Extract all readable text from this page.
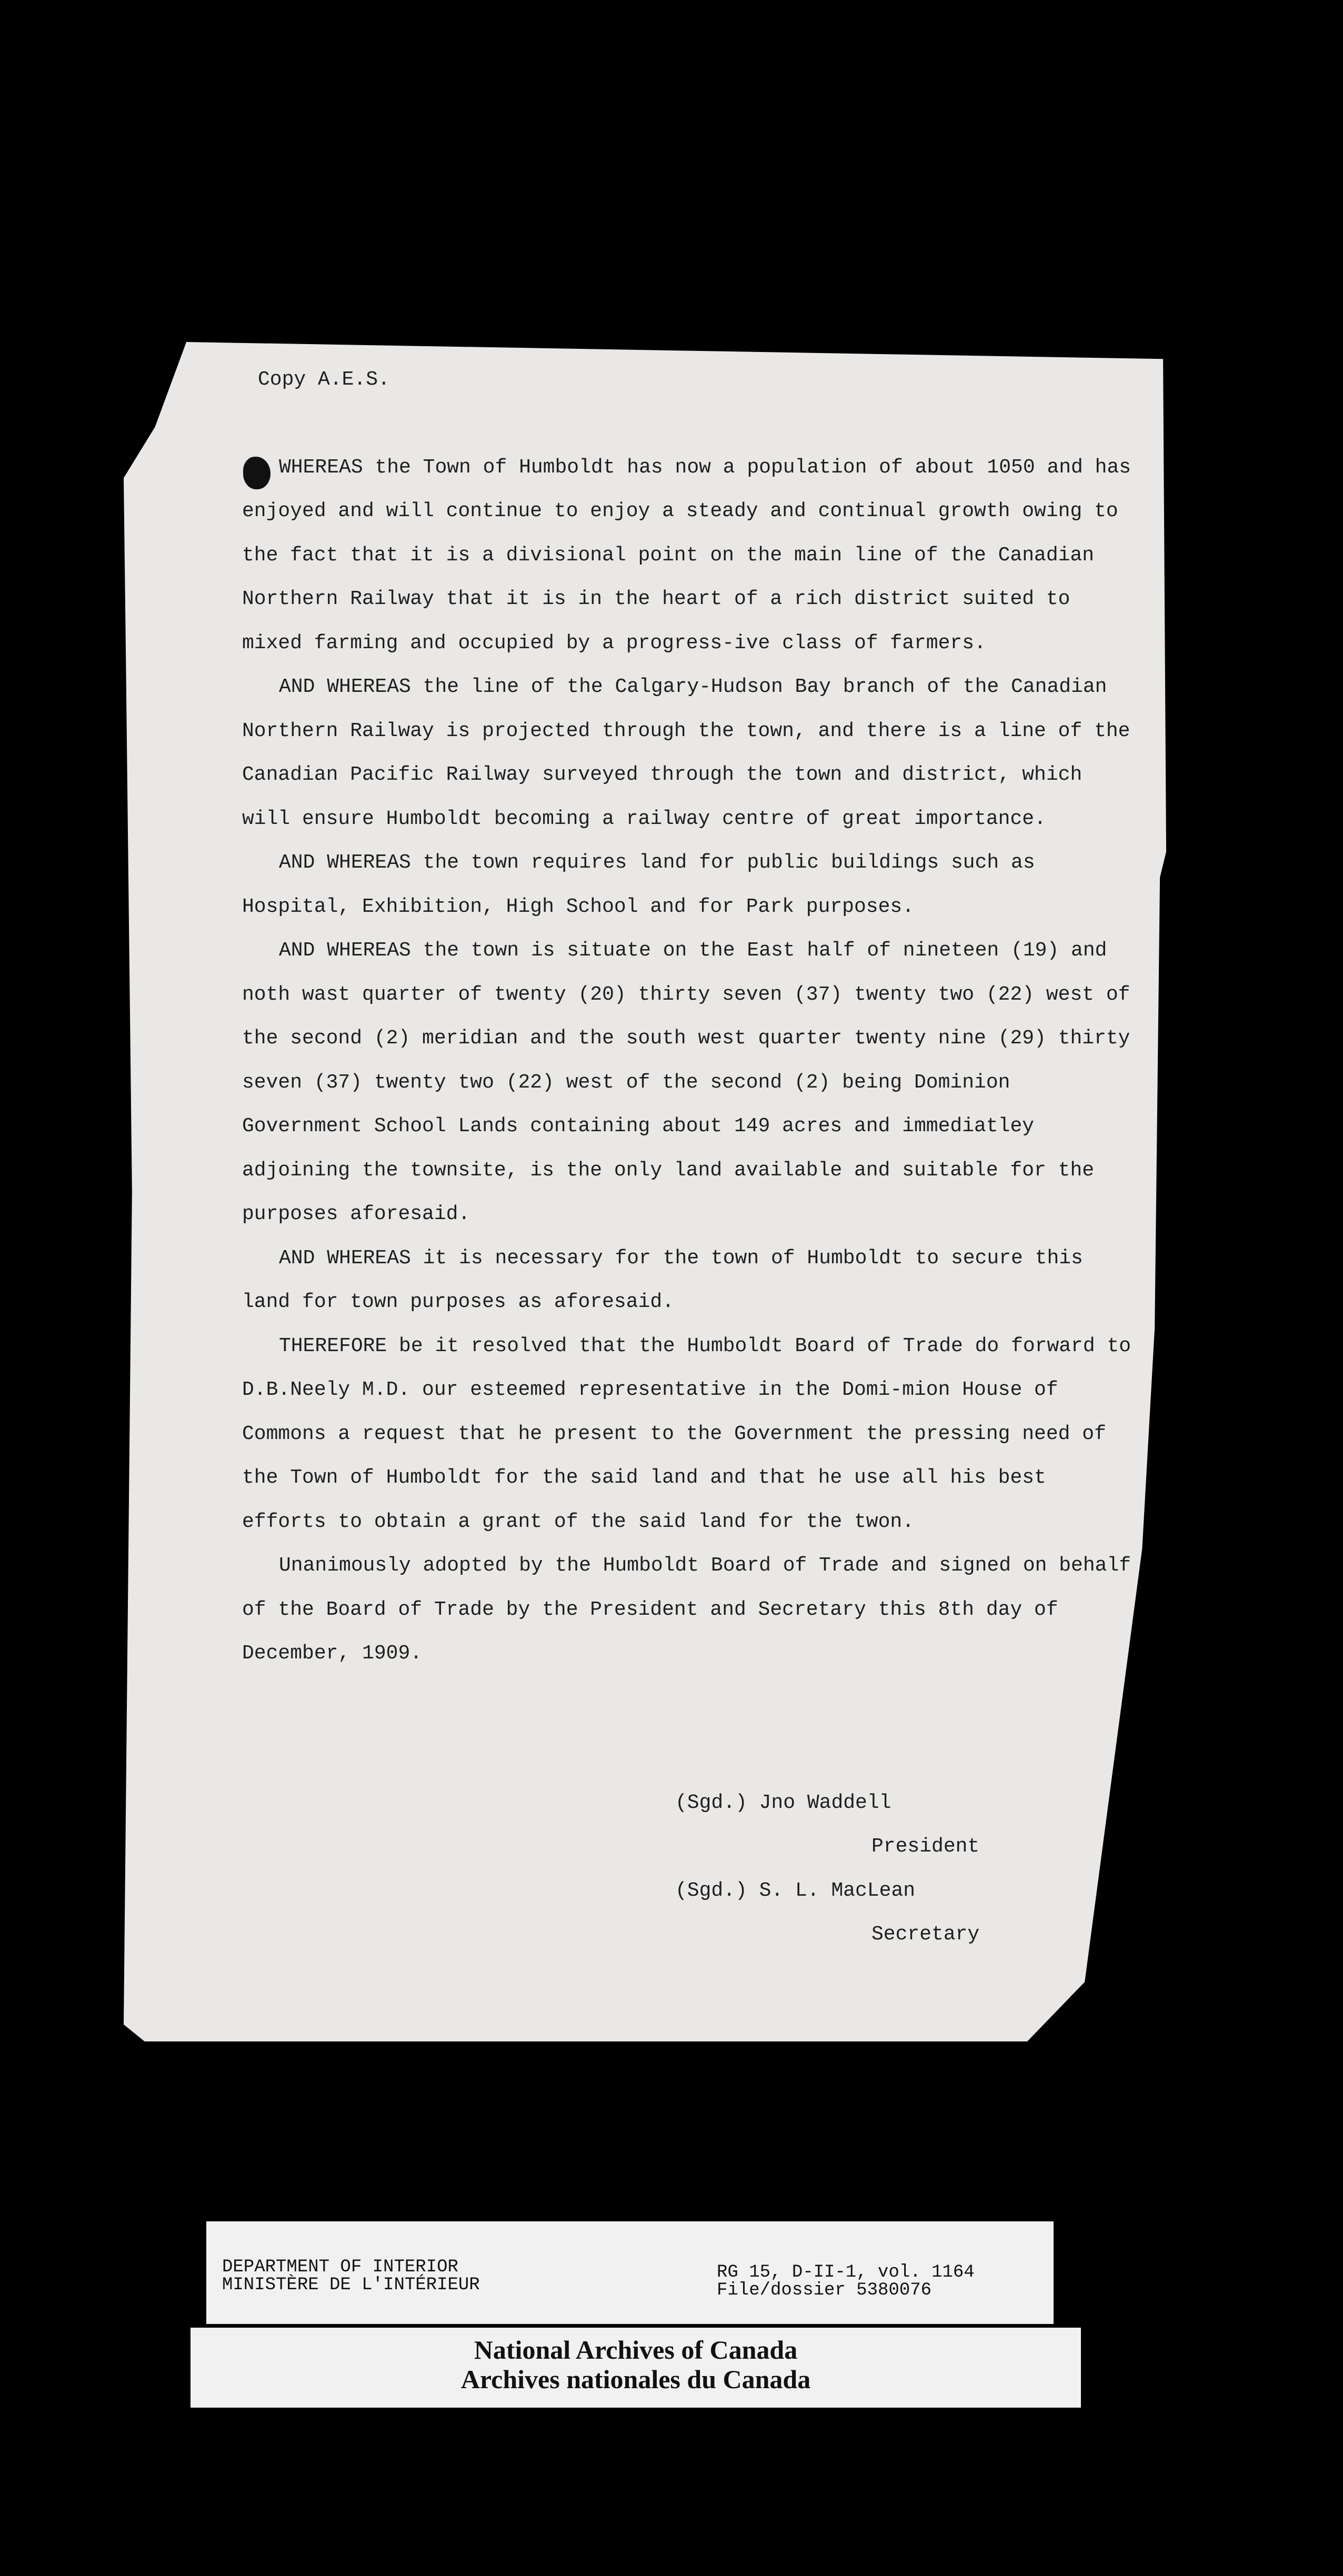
Copy A.E.S.

WHEREAS the Town of Humboldt has now a population of about 1050 and has enjoyed and will continue to enjoy a steady and continual growth owing to the fact that it is a divisional point on the main line of the Canadian Northern Railway that it is in the heart of a rich district suited to mixed farming and occupied by a progress-ive class of farmers.

AND WHEREAS the line of the Calgary-Hudson Bay branch of the Canadian Northern Railway is projected through the town, and there is a line of the Canadian Pacific Railway surveyed through the town and district, which will ensure Humboldt becoming a railway centre of great importance.

AND WHEREAS the town requires land for public buildings such as Hospital, Exhibition, High School and for Park purposes.

AND WHEREAS the town is situate on the East half of nineteen (19) and noth wast quarter of twenty (20) thirty seven (37) twenty two (22) west of the second (2) meridian and the south west quarter twenty nine (29) thirty seven (37) twenty two (22) west of the second (2) being Dominion Government School Lands containing about 149 acres and immediatley adjoining the townsite, is the only land available and suitable for the purposes aforesaid.

AND WHEREAS it is necessary for the town of Humboldt to secure this land for town purposes as aforesaid.

THEREFORE be it resolved that the Humboldt Board of Trade do forward to D.B.Neely M.D. our esteemed representative in the Domi-mion House of Commons a request that he present to the Government the pressing need of the Town of Humboldt for the said land and that he use all his best efforts to obtain a grant of the said land for the twon.

Unanimously adopted by the Humboldt Board of Trade and signed on behalf of the Board of Trade by the President and Secretary this 8th day of December, 1909.

(Sgd.) Jno Waddell
President
(Sgd.) S. L. MacLean
Secretary
DEPARTMENT OF INTERIOR
MINISTÈRE DE L'INTÉRIEUR
RG 15, D-II-1, vol. 1164
File/dossier 5380076
National Archives of Canada
Archives nationales du Canada
